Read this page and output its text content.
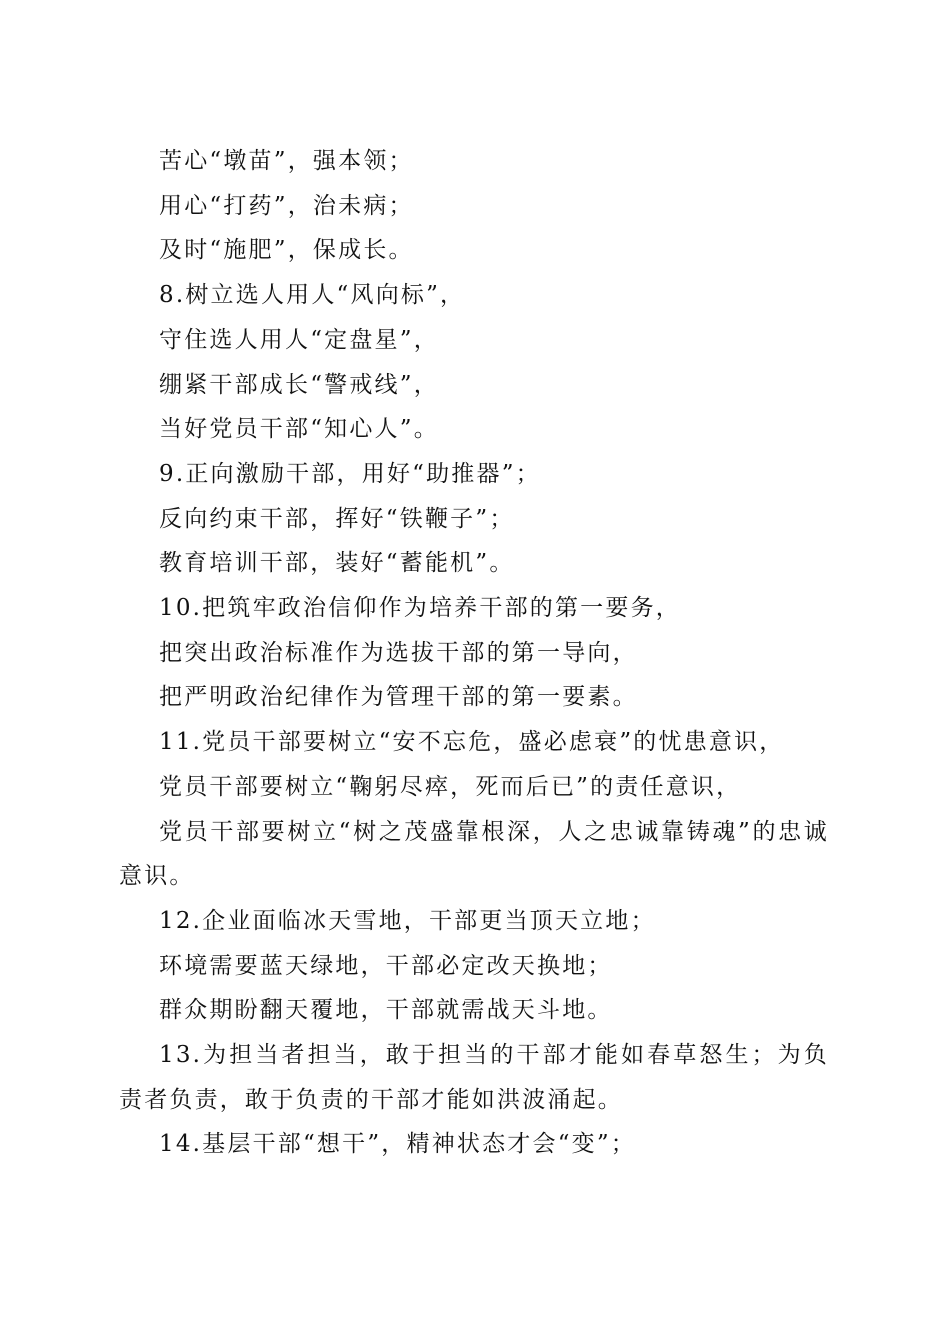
苦心“墩苗”，强本领；

用心“打药”，治未病；

及时“施肥”，保成长。

8.树立选人用人“风向标”，

守住选人用人“定盘星”，

绷紧干部成长“警戒线”，

当好党员干部“知心人”。

9.正向激励干部，用好“助推器”；

反向约束干部，挥好“铁鞭子”；

教育培训干部，装好“蓄能机”。

10.把筑牢政治信仰作为培养干部的第一要务，

把突出政治标准作为选拔干部的第一导向，

把严明政治纪律作为管理干部的第一要素。

11.党员干部要树立“安不忘危，盛必虑衰”的忧患意识，

党员干部要树立“鞠躬尽瘁，死而后已”的责任意识，

党员干部要树立“树之茂盛靠根深，人之忠诚靠铸魂”的忠诚意识。

12.企业面临冰天雪地，干部更当顶天立地；

环境需要蓝天绿地，干部必定改天换地；

群众期盼翻天覆地，干部就需战天斗地。

13.为担当者担当，敢于担当的干部才能如春草怒生；为负责者负责，敢于负责的干部才能如洪波涌起。

14.基层干部“想干”，精神状态才会“变”；
